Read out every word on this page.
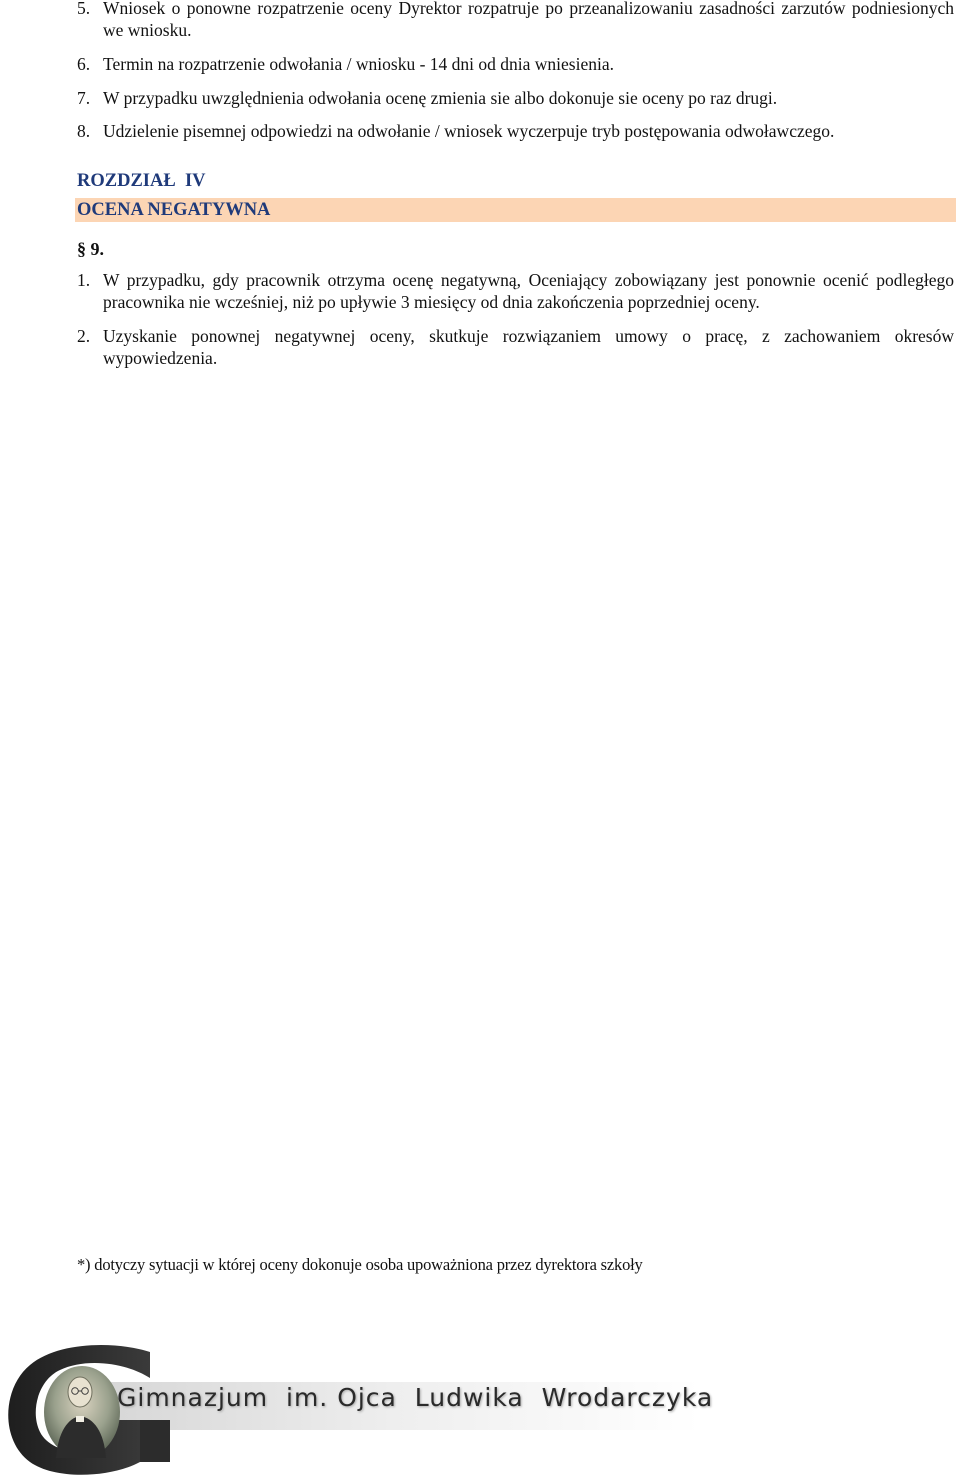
5. Wniosek o ponowne rozpatrzenie oceny Dyrektor rozpatruje po przeanalizowaniu zasadności zarzutów podniesionych we wniosku.
6. Termin na rozpatrzenie odwołania / wniosku - 14 dni od dnia wniesienia.
7. W przypadku uwzględnienia odwołania ocenę zmienia sie albo dokonuje sie oceny po raz drugi.
8. Udzielenie pisemnej odpowiedzi na odwołanie / wniosek wyczerpuje tryb postępowania odwoławczego.
ROZDZIAŁ  IV
OCENA NEGATYWNA
§ 9.
1. W przypadku, gdy pracownik otrzyma ocenę negatywną, Oceniający zobowiązany jest ponownie ocenić podległego pracownika nie wcześniej, niż po upływie 3 miesięcy od dnia zakończenia poprzedniej oceny.
2. Uzyskanie ponownej negatywnej oceny, skutkuje rozwiązaniem umowy o pracę, z zachowaniem okresów wypowiedzenia.
*) dotyczy sytuacji w której oceny dokonuje osoba upoważniona przez dyrektora szkoły
Gimnazjum  im. Ojca  Ludwika  Wrodarczyka
